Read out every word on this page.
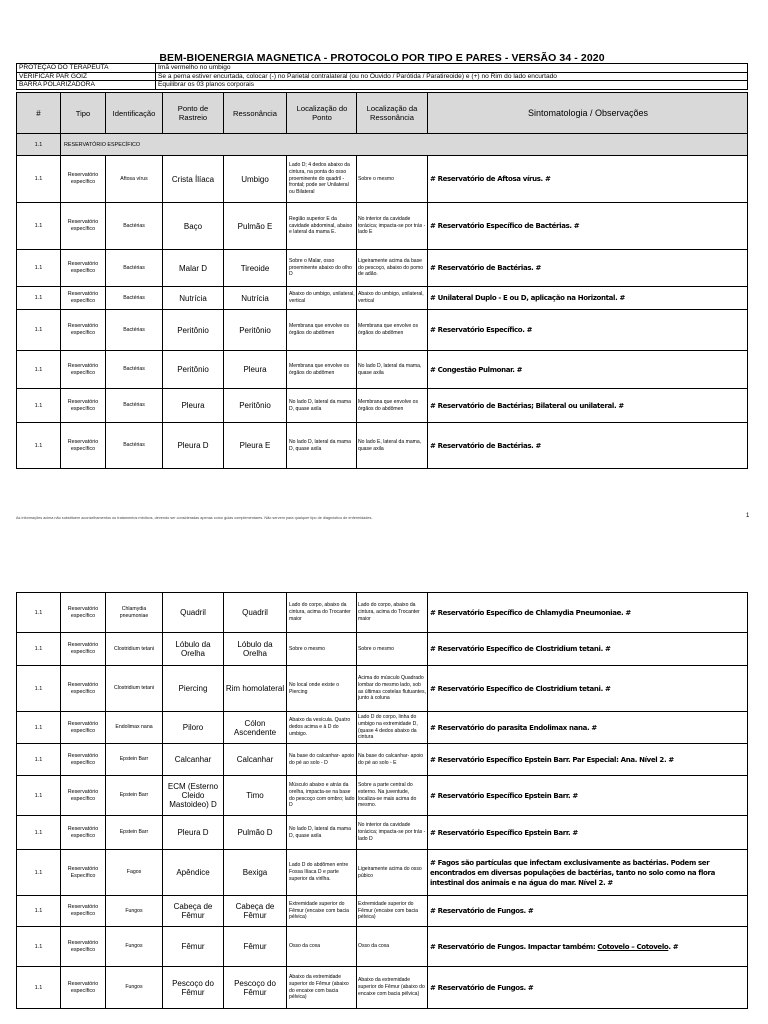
BEM-BIOENERGIA MAGNETICA - PROTOCOLO POR TIPO E PARES - VERSÃO 34 - 2020
PROTEÇÃO DO TERAPEUTA	Imã vermelho no umbigo
VERIFICAR PAR GOIZ	Se a perna estiver encurtada, colocar (-) no Parietal contralateral (ou no Ouvido / Parótida / Paratireoide) e (+) no Rim do lado encurtado
BARRA POLARIZADORA	Equilibrar os 03 planos corporais
#	Tipo	Identificação	Ponto de Rastreio	Ressonância	Localização do Ponto	Localização da Ressonância	Sintomatologia / Observações
1.1	RESERVATÓRIO ESPECÍFICO						
1.1	Reservatório específico	Aftosa vírus	Crista Ílíaca	Umbigo	Lado D; 4 dedos abaixo da cintura, na ponta do osso proeminente do quadril - frontal; pode ser Unilateral ou Bilateral	Sobre o mesmo	# Reservatório de Aftosa vírus. #
1.1	Reservatório específico	Bactérias	Baço	Pulmão E	Região superior E da cavidade abdominal, abaixo e lateral da mama E.	No interior da cavidade torácica; impacta-se por trás - lado E	# Reservatório Específico de Bactérias. #
1.1	Reservatório específico	Bactérias	Malar D	Tireoide	Sobre o Malar, osso proeminente abaixo do olho D	Ligeiramente acima da base do pescoço, abaixo do pomo de adão.	# Reservatório de Bactérias. #
1.1	Reservatório específico	Bactérias	Nutrícia	Nutrícia	Abaixo do umbigo, unilateral, vertical	Abaixo do umbigo, unilateral, vertical	# Unilateral Duplo - E ou D, aplicação na Horizontal. #
1.1	Reservatório específico	Bactérias	Peritônio	Peritônio	Membrana que envolve os órgãos do abdômen	Membrana que envolve os órgãos do abdômen	# Reservatório Específico. #
1.1	Reservatório específico	Bactérias	Peritônio	Pleura	Membrana que envolve os órgãos do abdômen	No lado D, lateral da mama, quase axila	# Congestão Pulmonar. #
1.1	Reservatório específico	Bactérias	Pleura	Peritônio	No lado D, lateral da mama D, quase axila	Membrana que envolve os órgãos do abdômen	# Reservatório de Bactérias; Bilateral ou unilateral. #
1.1	Reservatório específico	Bactérias	Pleura D	Pleura E	No lado D, lateral da mama D, quase axila	No lado E, lateral da mama, quase axila	# Reservatório de Bactérias. #
As informações acima não substituem aconselhamentos ou tratamentos médicos, devendo ser consideradas apenas como guias complementares. Não servem para qualquer tipo de diagnóstico de enfermidades.	1
1.1	Reservatório específico	Chlamydia pneumoniae	Quadril	Quadril	Lado do corpo, abaixo da cintura, acima do Trocanter maior	Lado do corpo, abaixo da cintura, acima do Trocanter maior	# Reservatório Específico de Chlamydia Pneumoniae. #
1.1	Reservatório específico	Clostridium tetani	Lóbulo da Orelha	Lóbulo da Orelha	Sobre o mesmo	Sobre o mesmo	# Reservatório Específico de Clostridium tetani. #
1.1	Reservatório específico	Clostridium tetani	Piercing	Rim homolateral	No local onde existe o Piercing	Acima do músculo Quadrado lombar do mesmo lado, sob as últimas costelas flutuantes, junto à coluna	# Reservatório Específico de Clostridium tetani. #
1.1	Reservatório específico	Endolimax nana	Piloro	Cólon Ascendente	Abaixo da vesícula. Quatro dedos acima e à D do umbigo.	Lado D do corpo, linha do umbigo na extremidade D, (quase 4 dedos abaixo da cintura	# Reservatório do parasita Endolimax nana. #
1.1	Reservatório específico	Epstein Barr	Calcanhar	Calcanhar	Na base do calcanhar- apoio do pé ao solo - D	Na base do calcanhar- apoio do pé ao solo - E	# Reservatório Específico Epstein Barr. Par Especial: Ana. Nível 2. #
1.1	Reservatório específico	Epstein Barr	ECM (Esterno Cleido Mastoideo) D	Timo	Músculo abaixo e atrás da orelha, impacta-se na base do pescoço com ombro; lado D	Sobre a parte central do esterno. Na juventude, localiza-se mais acima do mesmo.	# Reservatório Específico Epstein Barr. #
1.1	Reservatório específico	Epstein Barr	Pleura D	Pulmão D	No lado D, lateral da mama D, quase axila	No interior da cavidade torácica; impacta-se por trás - lado D	# Reservatório Específico Epstein Barr. #
1.1	Reservatório Específico	Fagos	Apêndice	Bexiga	Lado D do abdômen entre Fossa Ilíaca D e parte superior da virilha.	Ligeiramente acima do osso púbico	# Fagos são partículas que infectam exclusivamente as bactérias. Podem ser encontrados em diversas populações de bactérias, tanto no solo como na flora intestinal dos animais e na água do mar. Nível 2. #
1.1	Reservatório específico	Fungos	Cabeça de Fêmur	Cabeça de Fêmur	Extremidade superior do Fêmur (encaixe com bacia pélvica)	Extremidade superior do Fêmur (encaixe com bacia pélvica)	# Reservatório de Fungos. #
1.1	Reservatório específico	Fungos	Fêmur	Fêmur	Osso da coxa	Osso da coxa	# Reservatório de Fungos. Impactar também: Cotovelo – Cotovelo. #
1.1	Reservatório específico	Fungos	Pescoço do Fêmur	Pescoço do Fêmur	Abaixo da extremidade superior do Fêmur (abaixo do encaixe com bacia pélvica)	Abaixo da extremidade superior do Fêmur (abaixo do encaixe com bacia pélvica)	# Reservatório de Fungos. #
